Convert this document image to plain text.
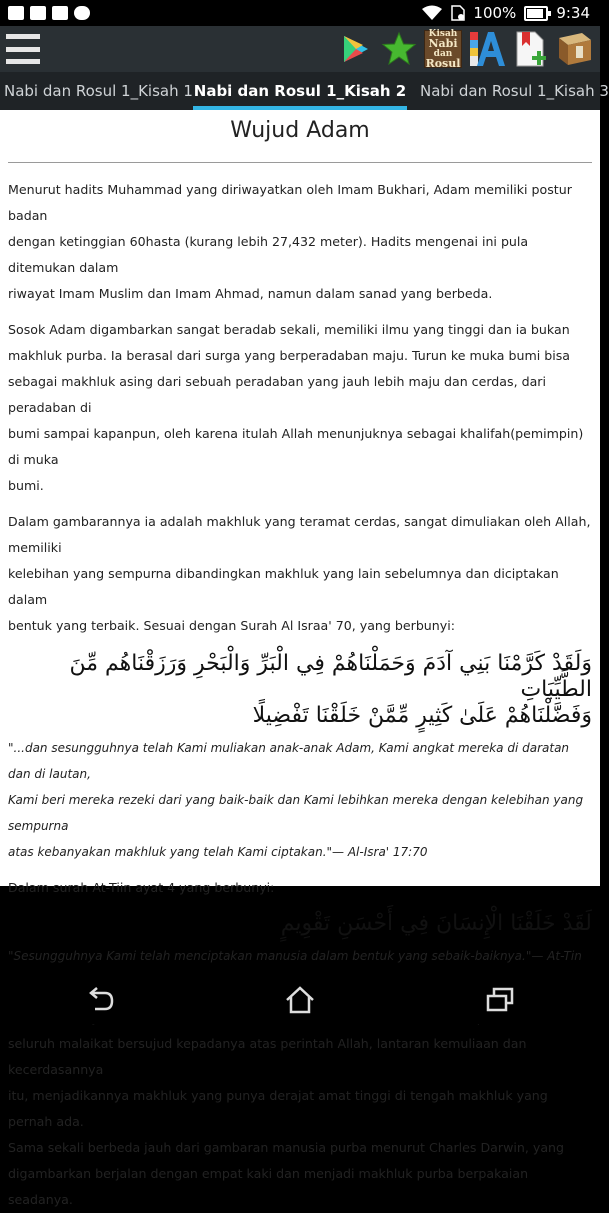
100%	9:34
Kisah
Nabi
dan
Rosul
Nabi dan Rosul 1_Kisah 1 Nabi dan Rosul 1_Kisah 2 Nabi dan Rosul 1_Kisah 3
Wujud Adam
Menurut hadits Muhammad yang diriwayatkan oleh Imam Bukhari, Adam memiliki postur badan
dengan ketinggian 60hasta (kurang lebih 27,432 meter). Hadits mengenai ini pula ditemukan dalam
riwayat Imam Muslim dan Imam Ahmad, namun dalam sanad yang berbeda.
Sosok Adam digambarkan sangat beradab sekali, memiliki ilmu yang tinggi dan ia bukan
makhluk purba. Ia berasal dari surga yang berperadaban maju. Turun ke muka bumi bisa
sebagai makhluk asing dari sebuah peradaban yang jauh lebih maju dan cerdas, dari peradaban di
bumi sampai kapanpun, oleh karena itulah Allah menunjuknya sebagai khalifah(pemimpin) di muka
bumi.
Dalam gambarannya ia adalah makhluk yang teramat cerdas, sangat dimuliakan oleh Allah, memiliki
kelebihan yang sempurna dibandingkan makhluk yang lain sebelumnya dan diciptakan dalam
bentuk yang terbaik. Sesuai dengan Surah Al Israa' 70, yang berbunyi:
وَلَقَدْ كَرَّمْنَا بَنِي آدَمَ وَحَمَلْنَاهُمْ فِي الْبَرِّ وَالْبَحْرِ وَرَزَقْنَاهُم مِّنَ الطَّيِّبَاتِ
وَفَضَّلْنَاهُمْ عَلَىٰ كَثِيرٍ مِّمَّنْ خَلَقْنَا تَفْضِيلًا
"...dan sesungguhnya telah Kami muliakan anak-anak Adam, Kami angkat mereka di daratan dan di lautan,
Kami beri mereka rezeki dari yang baik-baik dan Kami lebihkan mereka dengan kelebihan yang sempurna
atas kebanyakan makhluk yang telah Kami ciptakan."— Al-Isra' 17:70
Dalam surah At-Tiin ayat 4 yang berbunyi:
لَقَدْ خَلَقْنَا الْإِنسَانَ فِي أَحْسَنِ تَقْوِيمٍ
"Sesungguhnya Kami telah menciptakan manusia dalam bentuk yang sebaik-baiknya."— At-Tin
seluruh malaikat bersujud kepadanya atas perintah Allah, lantaran kemuliaan dan kecerdasannya
itu, menjadikannya makhluk yang punya derajat amat tinggi di tengah makhluk yang pernah ada.
Sama sekali berbeda jauh dari gambaran manusia purba menurut Charles Darwin, yang
digambarkan berjalan dengan empat kaki dan menjadi makhluk purba berpakaian seadanya.
